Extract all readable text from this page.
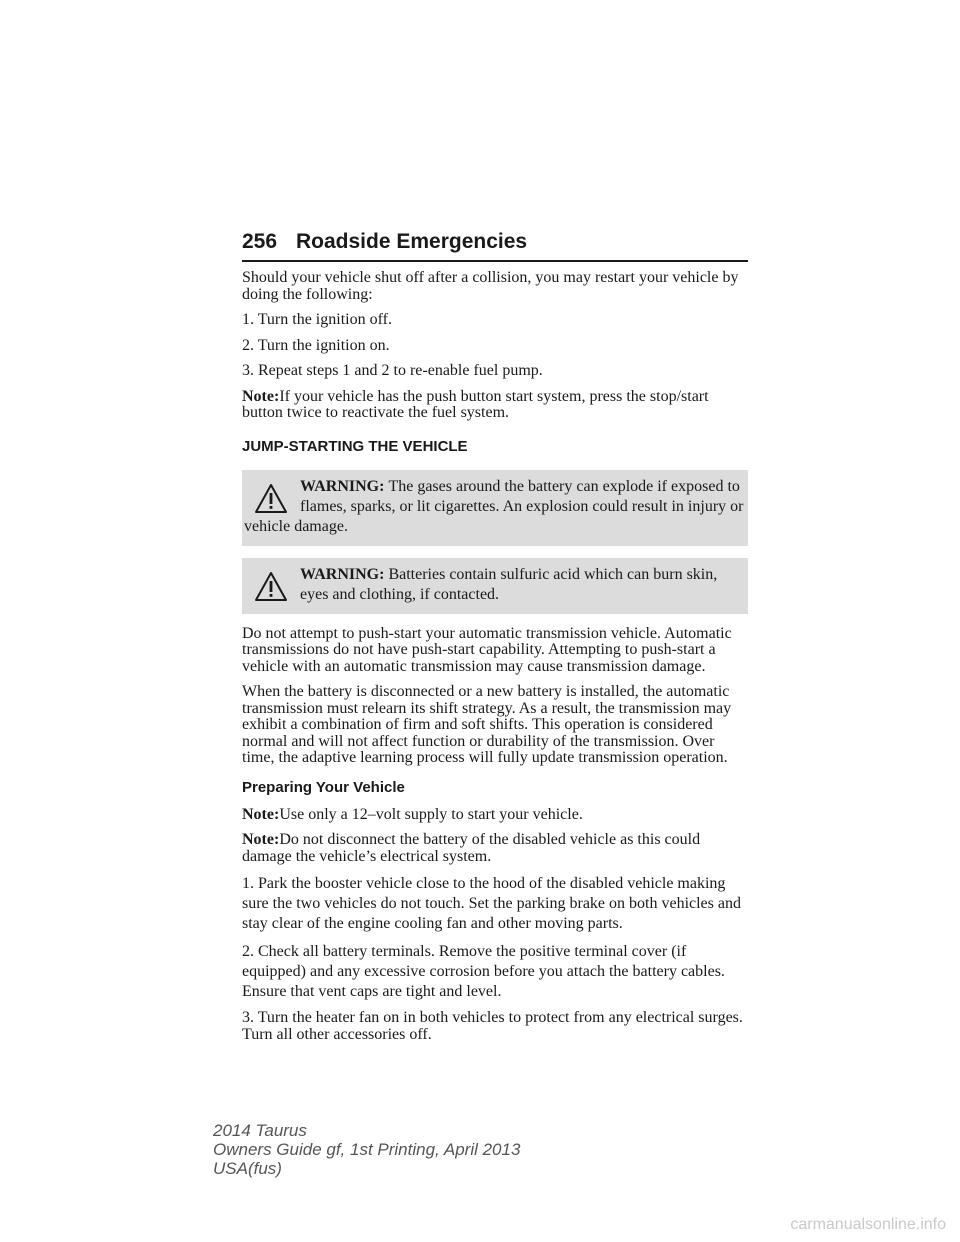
256 Roadside Emergencies

Should your vehicle shut off after a collision, you may restart your vehicle by doing the following:

1. Turn the ignition off.

2. Turn the ignition on.

3. Repeat steps 1 and 2 to re-enable fuel pump.

Note:If your vehicle has the push button start system, press the stop/start button twice to reactivate the fuel system.

JUMP-STARTING THE VEHICLE
WARNING: The gases around the battery can explode if exposed to flames, sparks, or lit cigarettes. An explosion could result in injury or vehicle damage.
WARNING: Batteries contain sulfuric acid which can burn skin, eyes and clothing, if contacted.

Do not attempt to push-start your automatic transmission vehicle. Automatic transmissions do not have push-start capability. Attempting to push-start a vehicle with an automatic transmission may cause transmission damage.

When the battery is disconnected or a new battery is installed, the automatic transmission must relearn its shift strategy. As a result, the transmission may exhibit a combination of firm and soft shifts. This operation is considered normal and will not affect function or durability of the transmission. Over time, the adaptive learning process will fully update transmission operation.

Preparing Your Vehicle

Note:Use only a 12–volt supply to start your vehicle.

Note:Do not disconnect the battery of the disabled vehicle as this could damage the vehicle’s electrical system.

1. Park the booster vehicle close to the hood of the disabled vehicle making sure the two vehicles do not touch. Set the parking brake on both vehicles and stay clear of the engine cooling fan and other moving parts.

2. Check all battery terminals. Remove the positive terminal cover (if equipped) and any excessive corrosion before you attach the battery cables. Ensure that vent caps are tight and level.

3. Turn the heater fan on in both vehicles to protect from any electrical surges. Turn all other accessories off.

2014 Taurus
Owners Guide gf, 1st Printing, April 2013
USA(fus)
carmanualsonline.info
